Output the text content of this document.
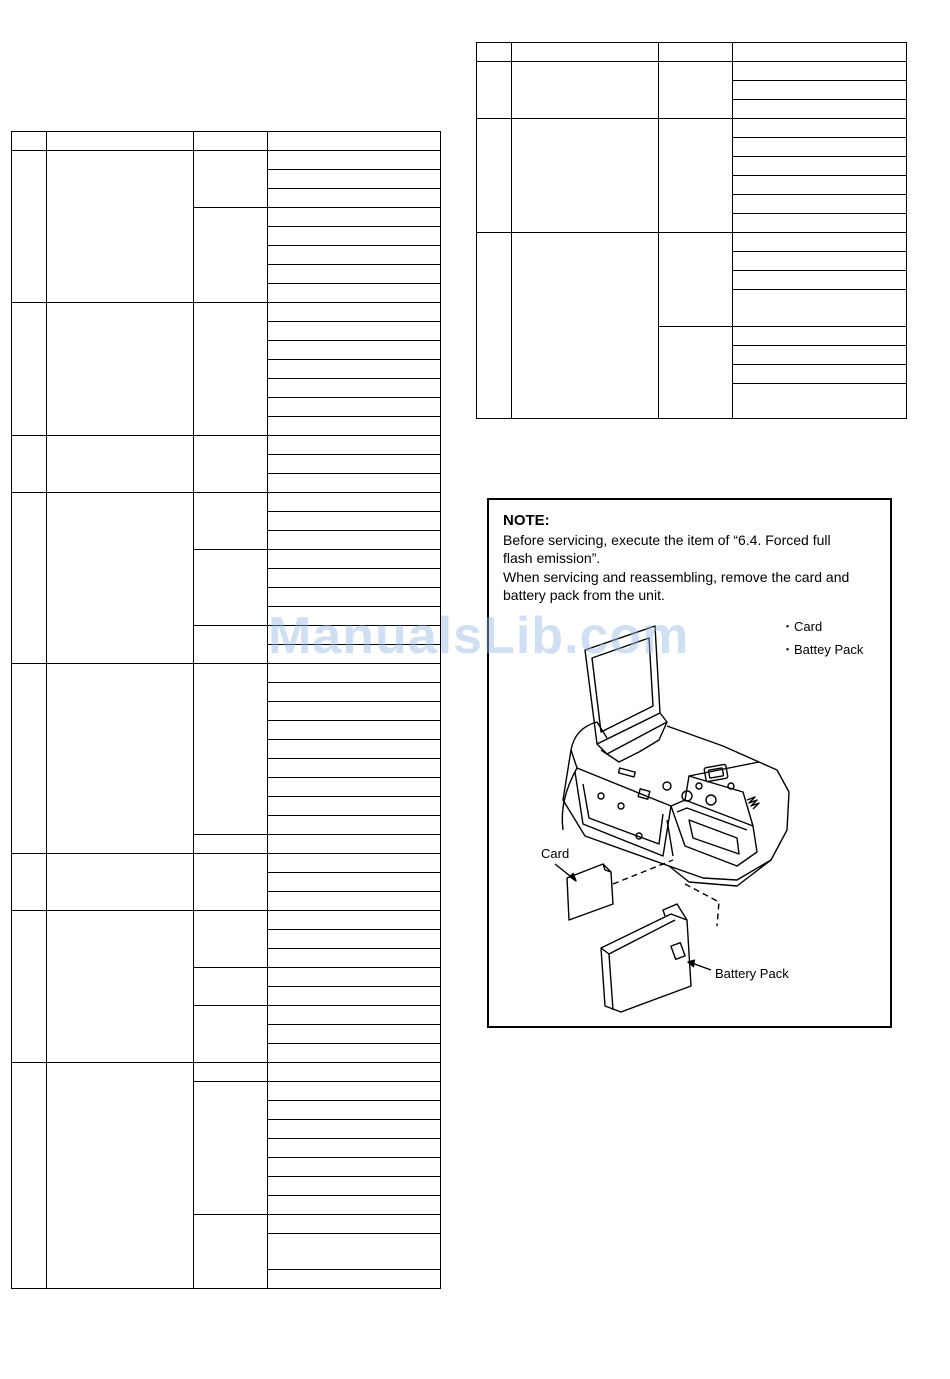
NOTE:
Before servicing, execute the item of “6.4. Forced full
flash emission”.
When servicing and reassembling, remove the card and
battery pack from the unit.
・Card
・Battey Pack
Card
Battery Pack
ManualsLib.com
